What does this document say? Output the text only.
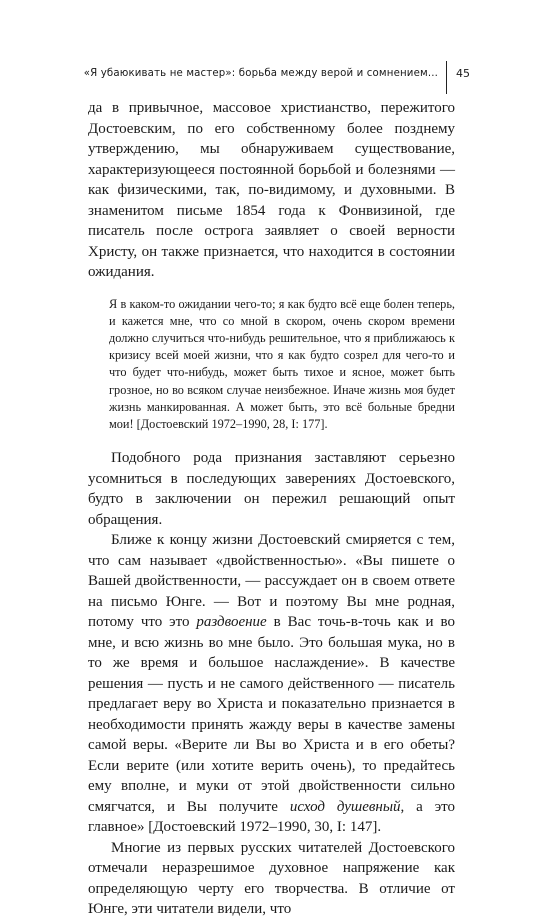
«Я убаюкивать не мастер»: борьба между верой и сомнением... 45

да в привычное, массовое христианство, пережитого Достоевским, по его собственному более позднему утверждению, мы обнаруживаем существование, характеризующееся постоянной борьбой и болезнями — как физическими, так, по-видимому, и духовными. В знаменитом письме 1854 года к Фонвизиной, где писатель после острога заявляет о своей верности Христу, он также признается, что находится в состоянии ожидания.

Я в каком-то ожидании чего-то; я как будто всё еще болен теперь, и кажется мне, что со мной в скором, очень скором времени должно случиться что-нибудь решительное, что я приближаюсь к кризису всей моей жизни, что я как будто созрел для чего-то и что будет что-нибудь, может быть тихое и ясное, может быть грозное, но во всяком случае неизбежное. Иначе жизнь моя будет жизнь манкированная. А может быть, это всё больные бредни мои! [Достоевский 1972–1990, 28, I: 177].

Подобного рода признания заставляют серьезно усомниться в последующих заверениях Достоевского, будто в заключении он пережил решающий опыт обращения.

Ближе к концу жизни Достоевский смиряется с тем, что сам называет «двойственностью». «Вы пишете о Вашей двойственности, — рассуждает он в своем ответе на письмо Юнге. — Вот и поэтому Вы мне родная, потому что это раздвоение в Вас точь-в-точь как и во мне, и всю жизнь во мне было. Это большая мука, но в то же время и большое наслаждение». В качестве решения — пусть и не самого действенного — писатель предлагает веру во Христа и показательно признается в необходимости принять жажду веры в качестве замены самой веры. «Верите ли Вы во Христа и в его обеты? Если верите (или хотите верить очень), то предайтесь ему вполне, и муки от этой двойственности сильно смягчатся, и Вы получите исход душевный, а это главное» [Достоевский 1972–1990, 30, I: 147].

Многие из первых русских читателей Достоевского отмечали неразрешимое духовное напряжение как определяющую черту его творчества. В отличие от Юнге, эти читатели видели, что
